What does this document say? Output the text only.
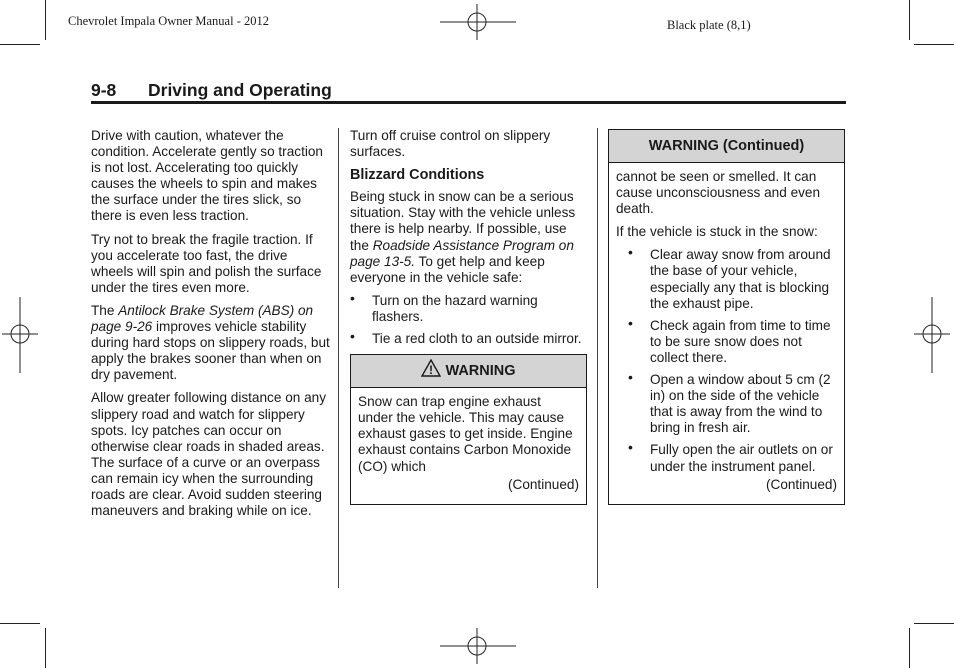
Chevrolet Impala Owner Manual - 2012	Black plate (8,1)
9-8 Driving and Operating

Drive with caution, whatever the condition. Accelerate gently so traction is not lost. Accelerating too quickly causes the wheels to spin and makes the surface under the tires slick, so there is even less traction.

Try not to break the fragile traction. If you accelerate too fast, the drive wheels will spin and polish the surface under the tires even more.

The Antilock Brake System (ABS) on page 9-26 improves vehicle stability during hard stops on slippery roads, but apply the brakes sooner than when on dry pavement.

Allow greater following distance on any slippery road and watch for slippery spots. Icy patches can occur on otherwise clear roads in shaded areas. The surface of a curve or an overpass can remain icy when the surrounding roads are clear. Avoid sudden steering maneuvers and braking while on ice.

Turn off cruise control on slippery surfaces.

Blizzard Conditions

Being stuck in snow can be a serious situation. Stay with the vehicle unless there is help nearby. If possible, use the Roadside Assistance Program on page 13-5. To get help and keep everyone in the vehicle safe:

• Turn on the hazard warning flashers.
• Tie a red cloth to an outside mirror.
! WARNING

Snow can trap engine exhaust under the vehicle. This may cause exhaust gases to get inside. Engine exhaust contains Carbon Monoxide (CO) which

(Continued)

WARNING (Continued)

cannot be seen or smelled. It can cause unconsciousness and even death.

If the vehicle is stuck in the snow:

• Clear away snow from around the base of your vehicle, especially any that is blocking the exhaust pipe.
• Check again from time to time to be sure snow does not collect there.
• Open a window about 5 cm (2 in) on the side of the vehicle that is away from the wind to bring in fresh air.
• Fully open the air outlets on or under the instrument panel.

(Continued)
